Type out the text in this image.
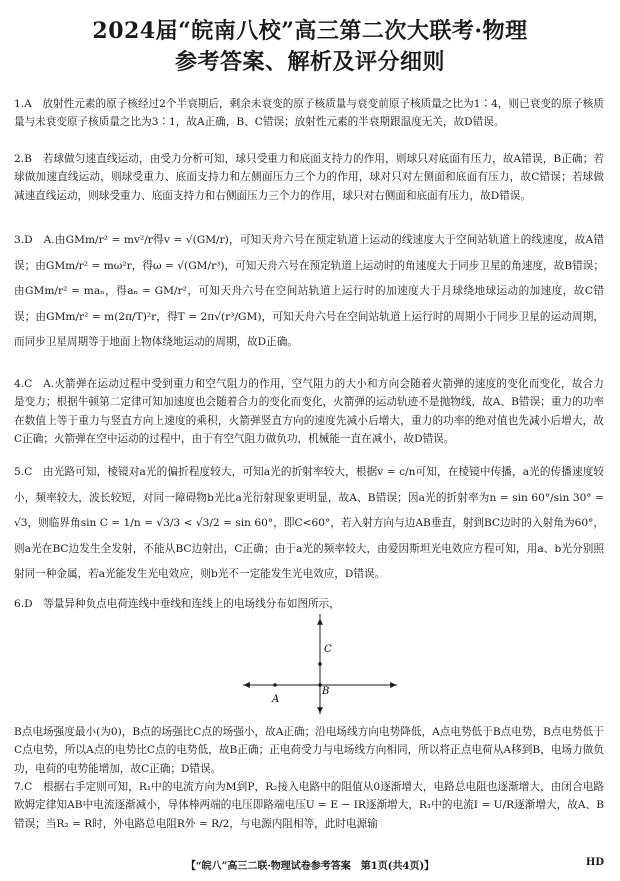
2024届“皖南八校”高三第二次大联考·物理
参考答案、解析及评分细则

1.A　放射性元素的原子核经过2个半衰期后，剩余未衰变的原子核质量与衰变前原子核质量之比为1∶4，则已衰变的原子核质量与未衰变原子核质量之比为3∶1，故A正确，B、C错误；放射性元素的半衰期跟温度无关，故D错误。

2.B　若球做匀速直线运动，由受力分析可知，球只受重力和底面支持力的作用，则球只对底面有压力，故A错误，B正确；若球做加速直线运动，则球受重力、底面支持力和左侧面压力三个力的作用，球对只对左侧面和底面有压力，故C错误；若球做减速直线运动，则球受重力、底面支持力和右侧面压力三个力的作用，球只对右侧面和底面有压力，故D错误。

3.D　A.由GMm/r² = mv²/r得v = √(GM/r)，可知天舟六号在预定轨道上运动的线速度大于空间站轨道上的线速度，故A错误；由GMm/r² = mω²r，得ω = √(GM/r³)，可知天舟六号在预定轨道上运动时的角速度大于同步卫星的角速度，故B错误；由GMm/r² = maₙ，得aₙ = GM/r²，可知天舟六号在空间站轨道上运行时的加速度大于月球绕地球运动的加速度，故C错误；由GMm/r² = m(2π/T)²r，得T = 2π√(r³/GM)，可知天舟六号在空间站轨道上运行时的周期小于同步卫星的运动周期，而同步卫星周期等于地面上物体绕地运动的周期，故D正确。

4.C　A.火箭弹在运动过程中受到重力和空气阻力的作用，空气阻力的大小和方向会随着火箭弹的速度的变化而变化，故合力是变力；根据牛顿第二定律可知加速度也会随着合力的变化而变化，火箭弹的运动轨迹不是抛物线，故A、B错误；重力的功率在数值上等于重力与竖直方向上速度的乘积，火箭弹竖直方向的速度先减小后增大，重力的功率的绝对值也先减小后增大，故C正确；火箭弹在空中运动的过程中，由于有空气阻力做负功，机械能一直在减小，故D错误。

5.C　由光路可知，棱镜对a光的偏折程度较大，可知a光的折射率较大，根据v = c/n可知，在棱镜中传播，a光的传播速度较小，频率较大，波长较短，对同一障碍物b光比a光衍射现象更明显，故A、B错误；因a光的折射率为n = sin 60°/sin 30° = √3，则临界角sin C = 1/n = √3/3 < √3/2 = sin 60°，即C<60°，若入射方向与边AB垂直，射到BC边时的入射角为60°，则a光在BC边发生全发射，不能从BC边射出，C正确；由于a光的频率较大，由爱因斯坦光电效应方程可知，用a、b光分别照射同一种金属，若a光能发生光电效应，则b光不一定能发生光电效应，D错误。

6.D　等量异种负点电荷连线中垂线和连线上的电场线分布如图所示，

A
B
C

B点电场强度最小(为0)，B点的场强比C点的场强小，故A正确；沿电场线方向电势降低，A点电势低于B点电势，B点电势低于C点电势，所以A点的电势比C点的电势低，故B正确；正电荷受力与电场线方向相同，所以将正点电荷从A移到B，电场力做负功，电荷的电势能增加，故C正确；D错误。

7.C　根据右手定则可知，R₁中的电流方向为M到P，R₂接入电路中的阻值从0逐渐增大，电路总电阻也逐渐增大，由闭合电路欧姆定律知AB中电流逐渐减小，导体棒两端的电压即路端电压U = E − IR逐渐增大，R₁中的电流I = U/R逐渐增大，故A、B错误；当R₂ = R时，外电路总电阻R外 = R/2，与电源内阻相等，此时电源输

【“皖八”高三二联·物理试卷参考答案　第1页(共4页)】	HD
